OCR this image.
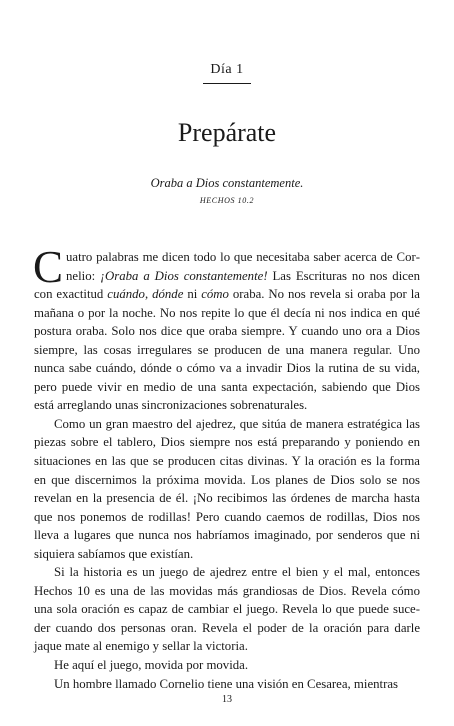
Día 1
Prepárate
Oraba a Dios constantemente.
HECHOS 10.2

Cuatro palabras me dicen todo lo que necesitaba saber acerca de Cornelio: ¡Oraba a Dios constantemente! Las Escrituras no nos dicen con exactitud cuándo, dónde ni cómo oraba. No nos revela si oraba por la mañana o por la noche. No nos repite lo que él decía ni nos indica en qué postura oraba. Solo nos dice que oraba siempre. Y cuando uno ora a Dios siempre, las cosas irregulares se producen de una manera regular. Uno nunca sabe cuándo, dónde o cómo va a invadir Dios la rutina de su vida, pero puede vivir en medio de una santa expectación, sabiendo que Dios está arreglando unas sincronizaciones sobrenaturales.

Como un gran maestro del ajedrez, que sitúa de manera estratégica las piezas sobre el tablero, Dios siempre nos está preparando y poniendo en situaciones en las que se producen citas divinas. Y la oración es la forma en que discernimos la próxima movida. Los planes de Dios solo se nos revelan en la presencia de él. ¡No recibimos las órdenes de marcha hasta que nos ponemos de rodillas! Pero cuando caemos de rodillas, Dios nos lleva a lugares que nunca nos habríamos imaginado, por senderos que ni siquiera sabíamos que existían.

Si la historia es un juego de ajedrez entre el bien y el mal, entonces Hechos 10 es una de las movidas más grandiosas de Dios. Revela cómo una sola oración es capaz de cambiar el juego. Revela lo que puede suceder cuando dos personas oran. Revela el poder de la oración para darle jaque mate al enemigo y sellar la victoria.

He aquí el juego, movida por movida.

Un hombre llamado Cornelio tiene una visión en Cesarea, mientras

13
